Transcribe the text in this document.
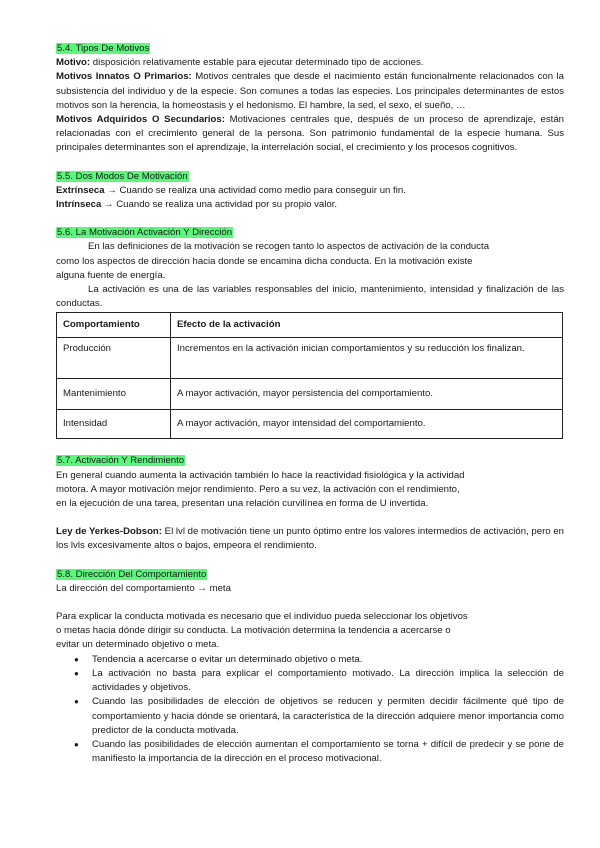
5.4. Tipos De Motivos

Motivo: disposición relativamente estable para ejecutar determinado tipo de acciones.

Motivos Innatos O Primarios: Motivos centrales que desde el nacimiento están funcionalmente relacionados con la subsistencia del individuo y de la especie. Son comunes a todas las especies. Los principales determinantes de estos motivos son la herencia, la homeostasis y el hedonismo. El hambre, la sed, el sexo, el sueño, …

Motivos Adquiridos O Secundarios: Motivaciones centrales que, después de un proceso de aprendizaje, están relacionadas con el crecimiento general de la persona. Son patrimonio fundamental de la especie humana. Sus principales determinantes son el aprendizaje, la interrelación social, el crecimiento y los procesos cognitivos.

5.5. Dos Modos De Motivación

Extrínseca → Cuando se realiza una actividad como medio para conseguir un fin.

Intrínseca → Cuando se realiza una actividad por su propio valor.

5.6. La Motivación Activación Y Dirección

En las definiciones de la motivación se recogen tanto lo aspectos de activación de la conducta

como los aspectos de dirección hacia donde se encamina dicha conducta. En la motivación existe

alguna fuente de energía.

La activación es una de las variables responsables del inicio, mantenimiento, intensidad y finalización de las conductas.

Comportamiento	Efecto de la activación
Producción	Incrementos en la activación inician comportamientos y su reducción los finalizan.
Mantenimiento	A mayor activación, mayor persistencia del comportamiento.
Intensidad	A mayor activación, mayor intensidad del comportamiento.

5.7. Activación Y Rendimiento

En general cuando aumenta la activación también lo hace la reactividad fisiológica y la actividad

motora. A mayor motivación mejor rendimiento. Pero a su vez, la activación con el rendimiento,

en la ejecución de una tarea, presentan una relación curvilínea en forma de U invertida.

Ley de Yerkes-Dobson: El lvl de motivación tiene un punto óptimo entre los valores intermedios de activación, pero en los lvls excesivamente altos o bajos, empeora el rendimiento.

5.8. Dirección Del Comportamiento

La dirección del comportamiento → meta

Para explicar la conducta motivada es necesario que el individuo pueda seleccionar los objetivos

o metas hacia dónde dirigir su conducta. La motivación determina la tendencia a acercarse o

evitar un determinado objetivo o meta.

● Tendencia a acercarse o evitar un determinado objetivo o meta.
● La activación no basta para explicar el comportamiento motivado. La dirección implica la selección de actividades y objetivos.
● Cuando las posibilidades de elección de objetivos se reducen y permiten decidir fácilmente qué tipo de comportamiento y hacia dónde se orientará, la característica de la dirección adquiere menor importancia como predictor de la conducta motivada.
● Cuando las posibilidades de elección aumentan el comportamiento se torna + difícil de predecir y se pone de manifiesto la importancia de la dirección en el proceso motivacional.
